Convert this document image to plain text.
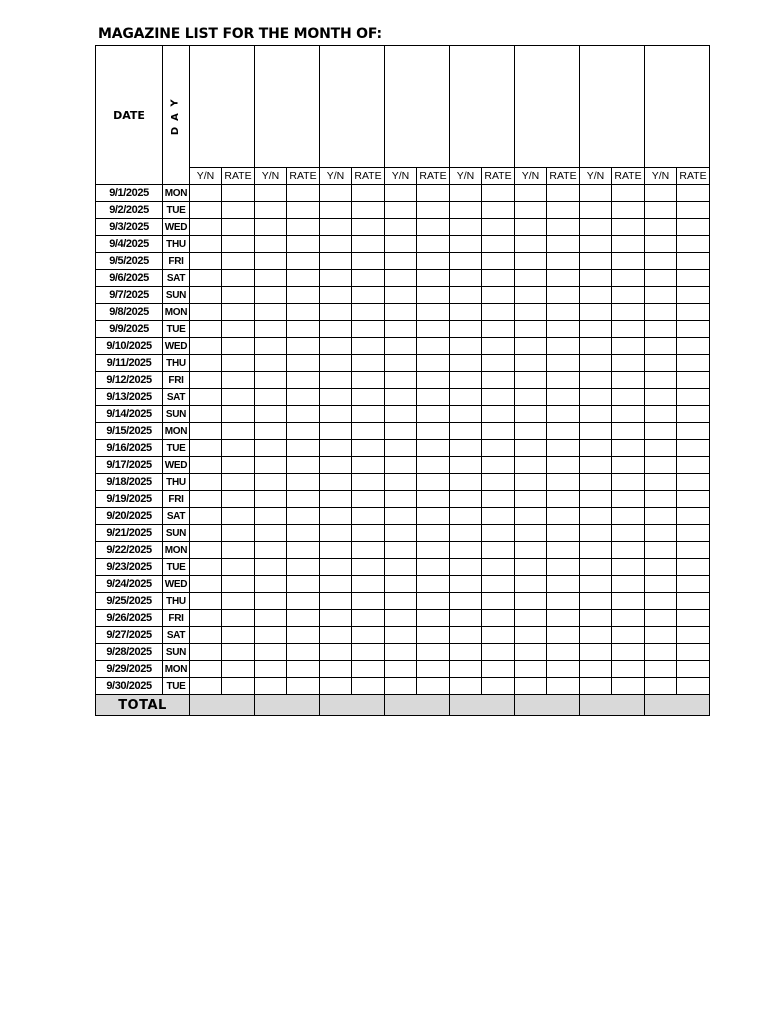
MAGAZINE LIST FOR THE MONTH OF:
DATE	D
A
Y																

		Y/N	RATE	Y/N	RATE	Y/N	RATE	Y/N	RATE	Y/N	RATE	Y/N	RATE	Y/N	RATE	Y/N	RATE
9/1/2025	MON																
9/2/2025	TUE																
9/3/2025	WED																
9/4/2025	THU																
9/5/2025	FRI																
9/6/2025	SAT																
9/7/2025	SUN																
9/8/2025	MON																
9/9/2025	TUE																
9/10/2025	WED																
9/11/2025	THU																
9/12/2025	FRI																
9/13/2025	SAT																
9/14/2025	SUN																
9/15/2025	MON																
9/16/2025	TUE																
9/17/2025	WED																
9/18/2025	THU																
9/19/2025	FRI																
9/20/2025	SAT																
9/21/2025	SUN																
9/22/2025	MON																
9/23/2025	TUE																
9/24/2025	WED																
9/25/2025	THU																
9/26/2025	FRI																
9/27/2025	SAT																
9/28/2025	SUN																
9/29/2025	MON																
9/30/2025	TUE																
TOTAL																	
